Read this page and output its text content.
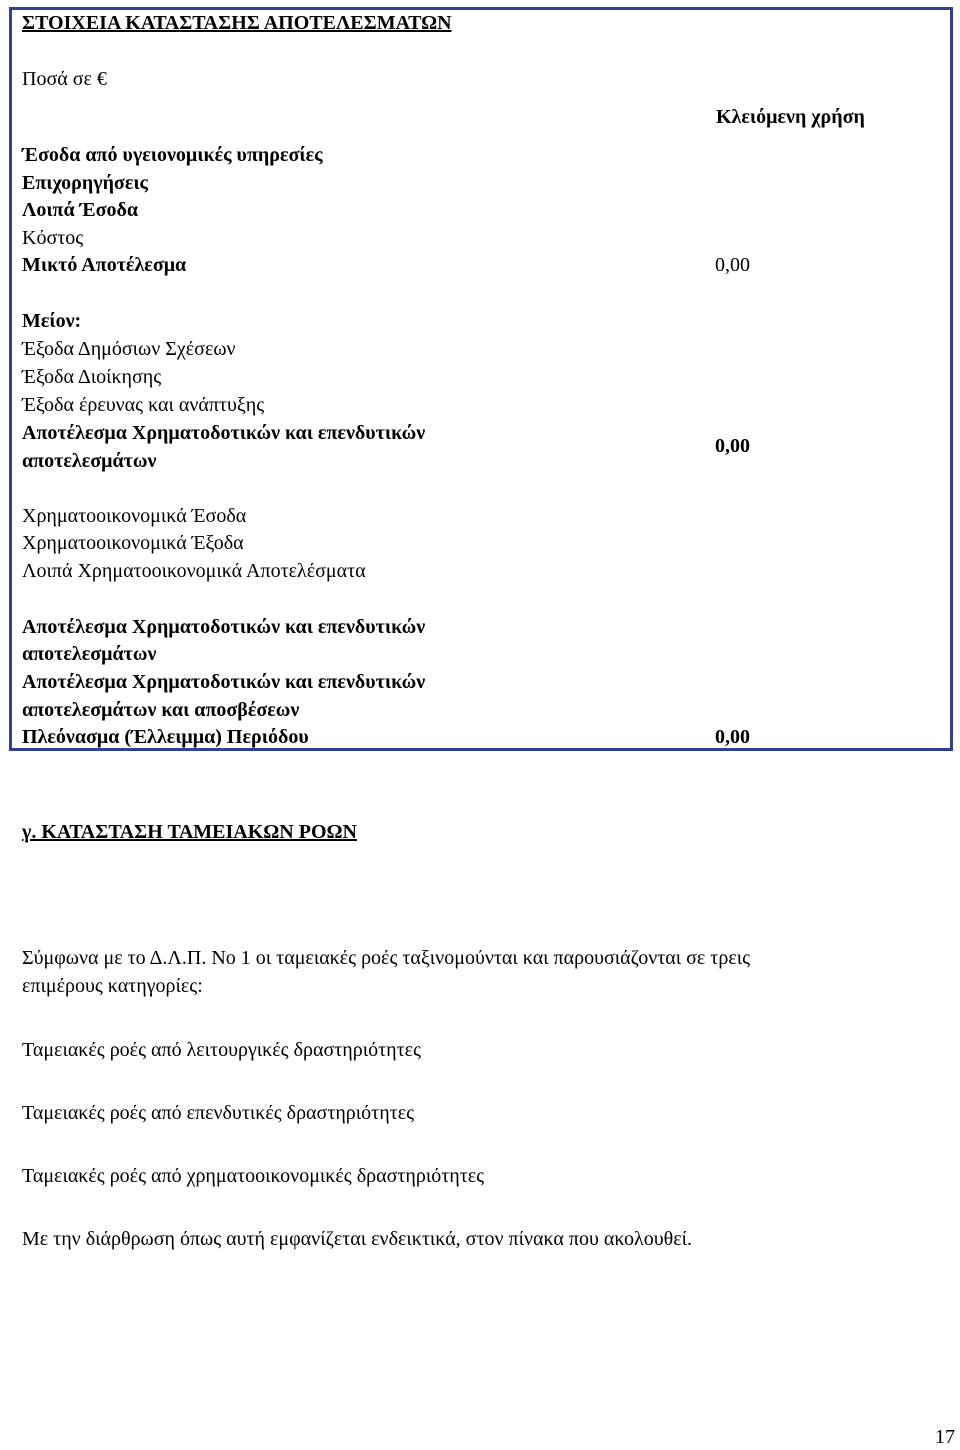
ΣΤΟΙΧΕΙΑ ΚΑΤΑΣΤΑΣΗΣ ΑΠΟΤΕΛΕΣΜΑΤΩΝ
Ποσά σε €
Κλειόμενη χρήση
Έσοδα από υγειονομικές υπηρεσίες
Επιχορηγήσεις
Λοιπά Έσοδα
Κόστος
Μικτό Αποτέλεσμα	0,00
Μείον:
Έξοδα Δημόσιων Σχέσεων
Έξοδα Διοίκησης
Έξοδα έρευνας και ανάπτυξης
Αποτέλεσμα Χρηματοδοτικών και επενδυτικών
αποτελεσμάτων
0,00
Χρηματοοικονομικά Έσοδα
Χρηματοοικονομικά Έξοδα
Λοιπά Χρηματοοικονομικά Αποτελέσματα
Αποτέλεσμα Χρηματοδοτικών και επενδυτικών
αποτελεσμάτων
Αποτέλεσμα Χρηματοδοτικών και επενδυτικών
αποτελεσμάτων και αποσβέσεων
Πλεόνασμα (Έλλειμμα) Περιόδου	0,00
γ. ΚΑΤΑΣΤΑΣΗ ΤΑΜΕΙΑΚΩΝ ΡΟΩΝ
Σύμφωνα με το Δ.Λ.Π. Νο 1 οι ταμειακές ροές ταξινομούνται και παρουσιάζονται σε τρεις
επιμέρους κατηγορίες:
Ταμειακές ροές από λειτουργικές δραστηριότητες
Ταμειακές ροές από επενδυτικές δραστηριότητες
Ταμειακές ροές από χρηματοοικονομικές δραστηριότητες
Με την διάρθρωση όπως αυτή εμφανίζεται ενδεικτικά, στον πίνακα που ακολουθεί.
17
